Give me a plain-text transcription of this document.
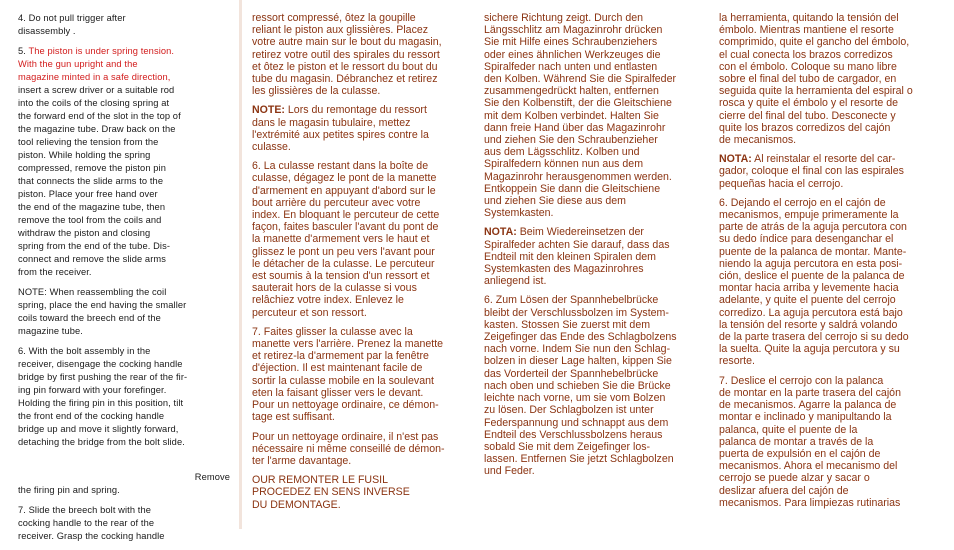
4. Do not pull trigger after
disassembly .

5. The piston is under spring tension.
With the gun upright and the
magazine minted in a safe direction,
insert a screw driver or a suitable rod
into the coils of the closing spring at
the forward end of the slot in the top of
the magazine tube. Draw back on the
tool relieving the tension from the
piston. While holding the spring
compressed, remove the piston pin
that connects the slide arms to the
piston. Place your free hand over
the end of the magazine tube, then
remove the tool from the coils and
withdraw the piston and closing
spring from the end of the tube. Dis-
connect and remove the slide arms
from the receiver.

NOTE: When reassembling the coil
spring, place the end having the smaller
coils toward the breech end of the
magazine tube.

6. With the bolt assembly in the
receiver, disengage the cocking handle
bridge by first pushing the rear of the fir-
ing pin forward with your forefinger.
Holding the firing pin in this position, tilt
the front end of the cocking handle
bridge up and move it slightly forward,
detaching the bridge from the bolt slide.

Remove

the firing pin and spring.

7. Slide the breech bolt with the
cocking handle to the rear of the
receiver. Grasp the cocking handle

ressort compressé, ôtez la goupille
reliant le piston aux glissières. Placez
votre autre main sur le bout du magasin,
retirez votre outil des spirales du ressort
et ôtez le piston et le ressort du bout du
tube du magasin. Débranchez et retirez
les glissières de la culasse.

NOTE: Lors du remontage du ressort
dans le magasin tubulaire, mettez
l'extrémité aux petites spires contre la
culasse.

6. La culasse restant dans la boîte de
culasse, dégagez le pont de la manette
d'armement en appuyant d'abord sur le
bout arrière du percuteur avec votre
index. En bloquant le percuteur de cette
façon, faites basculer l'avant du pont de
la manette d'armement vers le haut et
glissez le pont un peu vers l'avant pour
le détacher de la culasse. Le percuteur
est soumis à la tension d'un ressort et
sauterait hors de la culasse si vous
relâchiez votre index. Enlevez le
percuteur et son ressort.

7. Faites glisser la culasse avec la
manette vers l'arrière. Prenez la manette
et retirez-la d'armement par la fenêtre
d'éjection. Il est maintenant facile de
sortir la culasse mobile en la soulevant
eten la faisant glisser vers le devant.
Pour un nettoyage ordinaire, ce démon-
tage est suffisant.

Pour un nettoyage ordinaire, il n'est pas
nécessaire ni même conseillé de démon-
ter l'arme davantage.

OUR REMONTER LE FUSIL
PROCEDEZ EN SENS INVERSE
DU DEMONTAGE.

sichere Richtung zeigt. Durch den
Längsschlitz am Magazinrohr drücken
Sie mit Hilfe eines Schraubenziehers
oder eines ähnlichen Werkzeuges die
Spiralfeder nach unten und entlasten
den Kolben. Während Sie die Spiralfeder
zusammengedrückt halten, entfernen
Sie den Kolbenstift, der die Gleitschiene
mit dem Kolben verbindet. Halten Sie
dann freie Hand über das Magazinrohr
und ziehen Sie den Schraubenzieher
aus dem Lägsschlitz. Kolben und
Spiralfedern können nun aus dem
Magazinrohr herausgenommen werden.
Entkoppein Sie dann die Gleitschiene
und ziehen Sie diese aus dem
Systemkasten.

NOTA: Beim Wiedereinsetzen der
Spiralfeder achten Sie darauf, dass das
Endteil mit den kleinen Spiralen dem
Systemkasten des Magazinrohres
anliegend ist.

6. Zum Lösen der Spannhebelbrücke
bleibt der Verschlussbolzen im System-
kasten. Stossen Sie zuerst mit dem
Zeigefinger das Ende des Schlagbolzens
nach vorne. Indem Sie nun den Schlag-
bolzen in dieser Lage halten, kippen Sie
das Vorderteil der Spannhebelbrücke
nach oben und schieben Sie die Brücke
leichte nach vorne, um sie vom Bolzen
zu lösen. Der Schlagbolzen ist unter
Federspannung und schnappt aus dem
Endteil des Verschlussbolzens heraus
sobald Sie mit dem Zeigefinger los-
lassen. Entfernen Sie jetzt Schlagbolzen
und Feder.

la herramienta, quitando la tensión del
émbolo. Mientras mantiene el resorte
comprimido, quite el gancho del émbolo,
el cual conecta los brazos corredizos
con el émbolo. Coloque su mano libre
sobre el final del tubo de cargador, en
seguida quite la herramienta del espiral o
rosca y quite el émbolo y el resorte de
cierre del final del tubo. Desconecte y
quite los brazos corredizos del cajón
de mecanismos.

NOTA: Al reinstalar el resorte del car-
gador, coloque el final con las espirales
pequeñas hacia el cerrojo.

6. Dejando el cerrojo en el cajón de
mecanismos, empuje primeramente la
parte de atrás de la aguja percutora con
su dedo índice para desenganchar el
puente de la palanca de montar. Mante-
niendo la aguja percutora en esta posi-
ción, deslice el puente de la palanca de
montar hacia arriba y levemente hacia
adelante, y quite el puente del cerrojo
corredizo. La aguja percutora está bajo
la tensión del resorte y saldrá volando
de la parte trasera del cerrojo si su dedo
la suelta. Quite la aguja percutora y su
resorte.

7. Deslice el cerrojo con la palanca
de montar en la parte trasera del cajón
de mecanismos. Agarre la palanca de
montar e inclinado y manipultando la
palanca, quite el puente de la
palanca de montar a través de la
puerta de expulsión en el cajón de
mecanismos. Ahora el mecanismo del
cerrojo se puede alzar y sacar o
deslizar afuera del cajón de
mecanismos. Para limpiezas rutinarias
